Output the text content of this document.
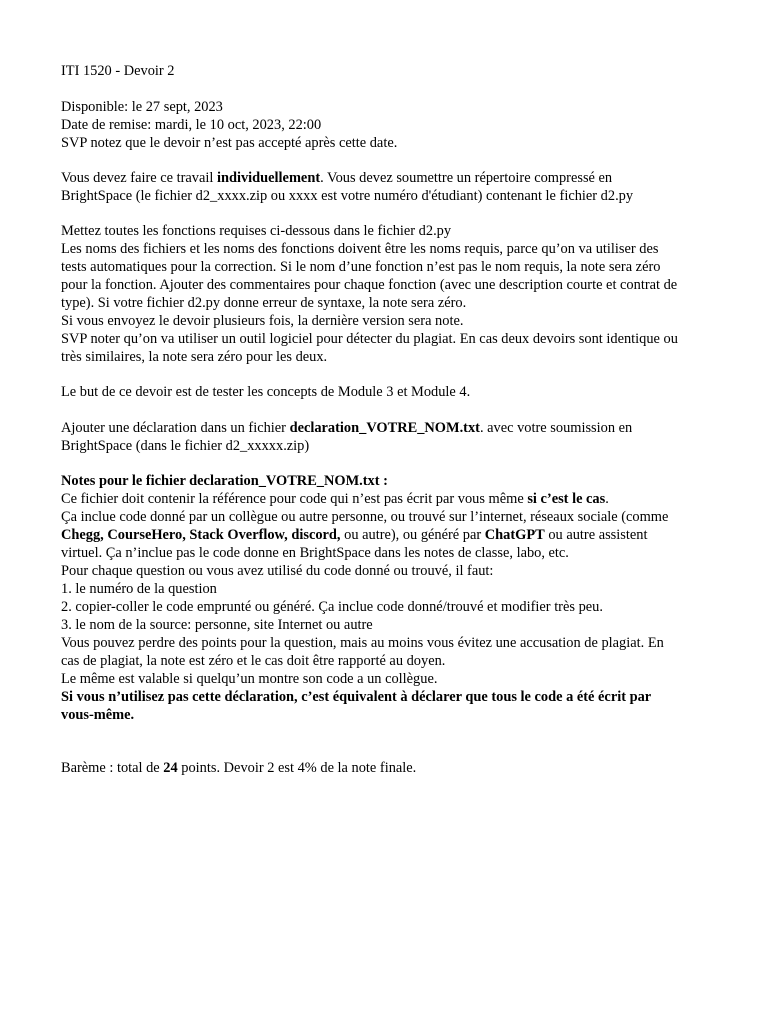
ITI 1520 - Devoir 2
Disponible: le 27 sept, 2023
Date de remise: mardi, le 10 oct, 2023, 22:00
SVP notez que le devoir n’est pas accepté après cette date.
Vous devez faire ce travail individuellement. Vous devez soumettre un répertoire compressé en
BrightSpace (le fichier d2_xxxx.zip ou xxxx est votre numéro d'étudiant) contenant le fichier d2.py
Mettez toutes les fonctions requises ci-dessous dans le fichier d2.py
Les noms des fichiers et les noms des fonctions doivent être les noms requis, parce qu’on va utiliser des
tests automatiques pour la correction. Si le nom d’une fonction n’est pas le nom requis, la note sera zéro
pour la fonction. Ajouter des commentaires pour chaque fonction (avec une description courte et contrat de
type). Si votre fichier d2.py donne erreur de syntaxe, la note sera zéro.
Si vous envoyez le devoir plusieurs fois, la dernière version sera note.
SVP noter qu’on va utiliser un outil logiciel pour détecter du plagiat. En cas deux devoirs sont identique ou
très similaires, la note sera zéro pour les deux.
Le but de ce devoir est de tester les concepts de Module 3 et Module 4.
Ajouter une déclaration dans un fichier declaration_VOTRE_NOM.txt. avec votre soumission en
BrightSpace (dans le fichier d2_xxxxx.zip)
Notes pour le fichier declaration_VOTRE_NOM.txt :
Ce fichier doit contenir la référence pour code qui n’est pas écrit par vous même si c’est le cas.
Ça inclue code donné par un collègue ou autre personne, ou trouvé sur l’internet, réseaux sociale (comme
Chegg, CourseHero, Stack Overflow, discord, ou autre), ou généré par ChatGPT ou autre assistent
virtuel. Ça n’inclue pas le code donne en BrightSpace dans les notes de classe, labo, etc.
Pour chaque question ou vous avez utilisé du code donné ou trouvé, il faut:
1. le numéro de la question
2. copier-coller le code emprunté ou généré. Ça inclue code donné/trouvé et modifier très peu.
3. le nom de la source: personne, site Internet ou autre
Vous pouvez perdre des points pour la question, mais au moins vous évitez une accusation de plagiat. En
cas de plagiat, la note est zéro et le cas doit être rapporté au doyen.
Le même est valable si quelqu’un montre son code a un collègue.
Si vous n’utilisez pas cette déclaration, c’est équivalent à déclarer que tous le code a été écrit par
vous-même.
Barème : total de 24 points. Devoir 2 est 4% de la note finale.
